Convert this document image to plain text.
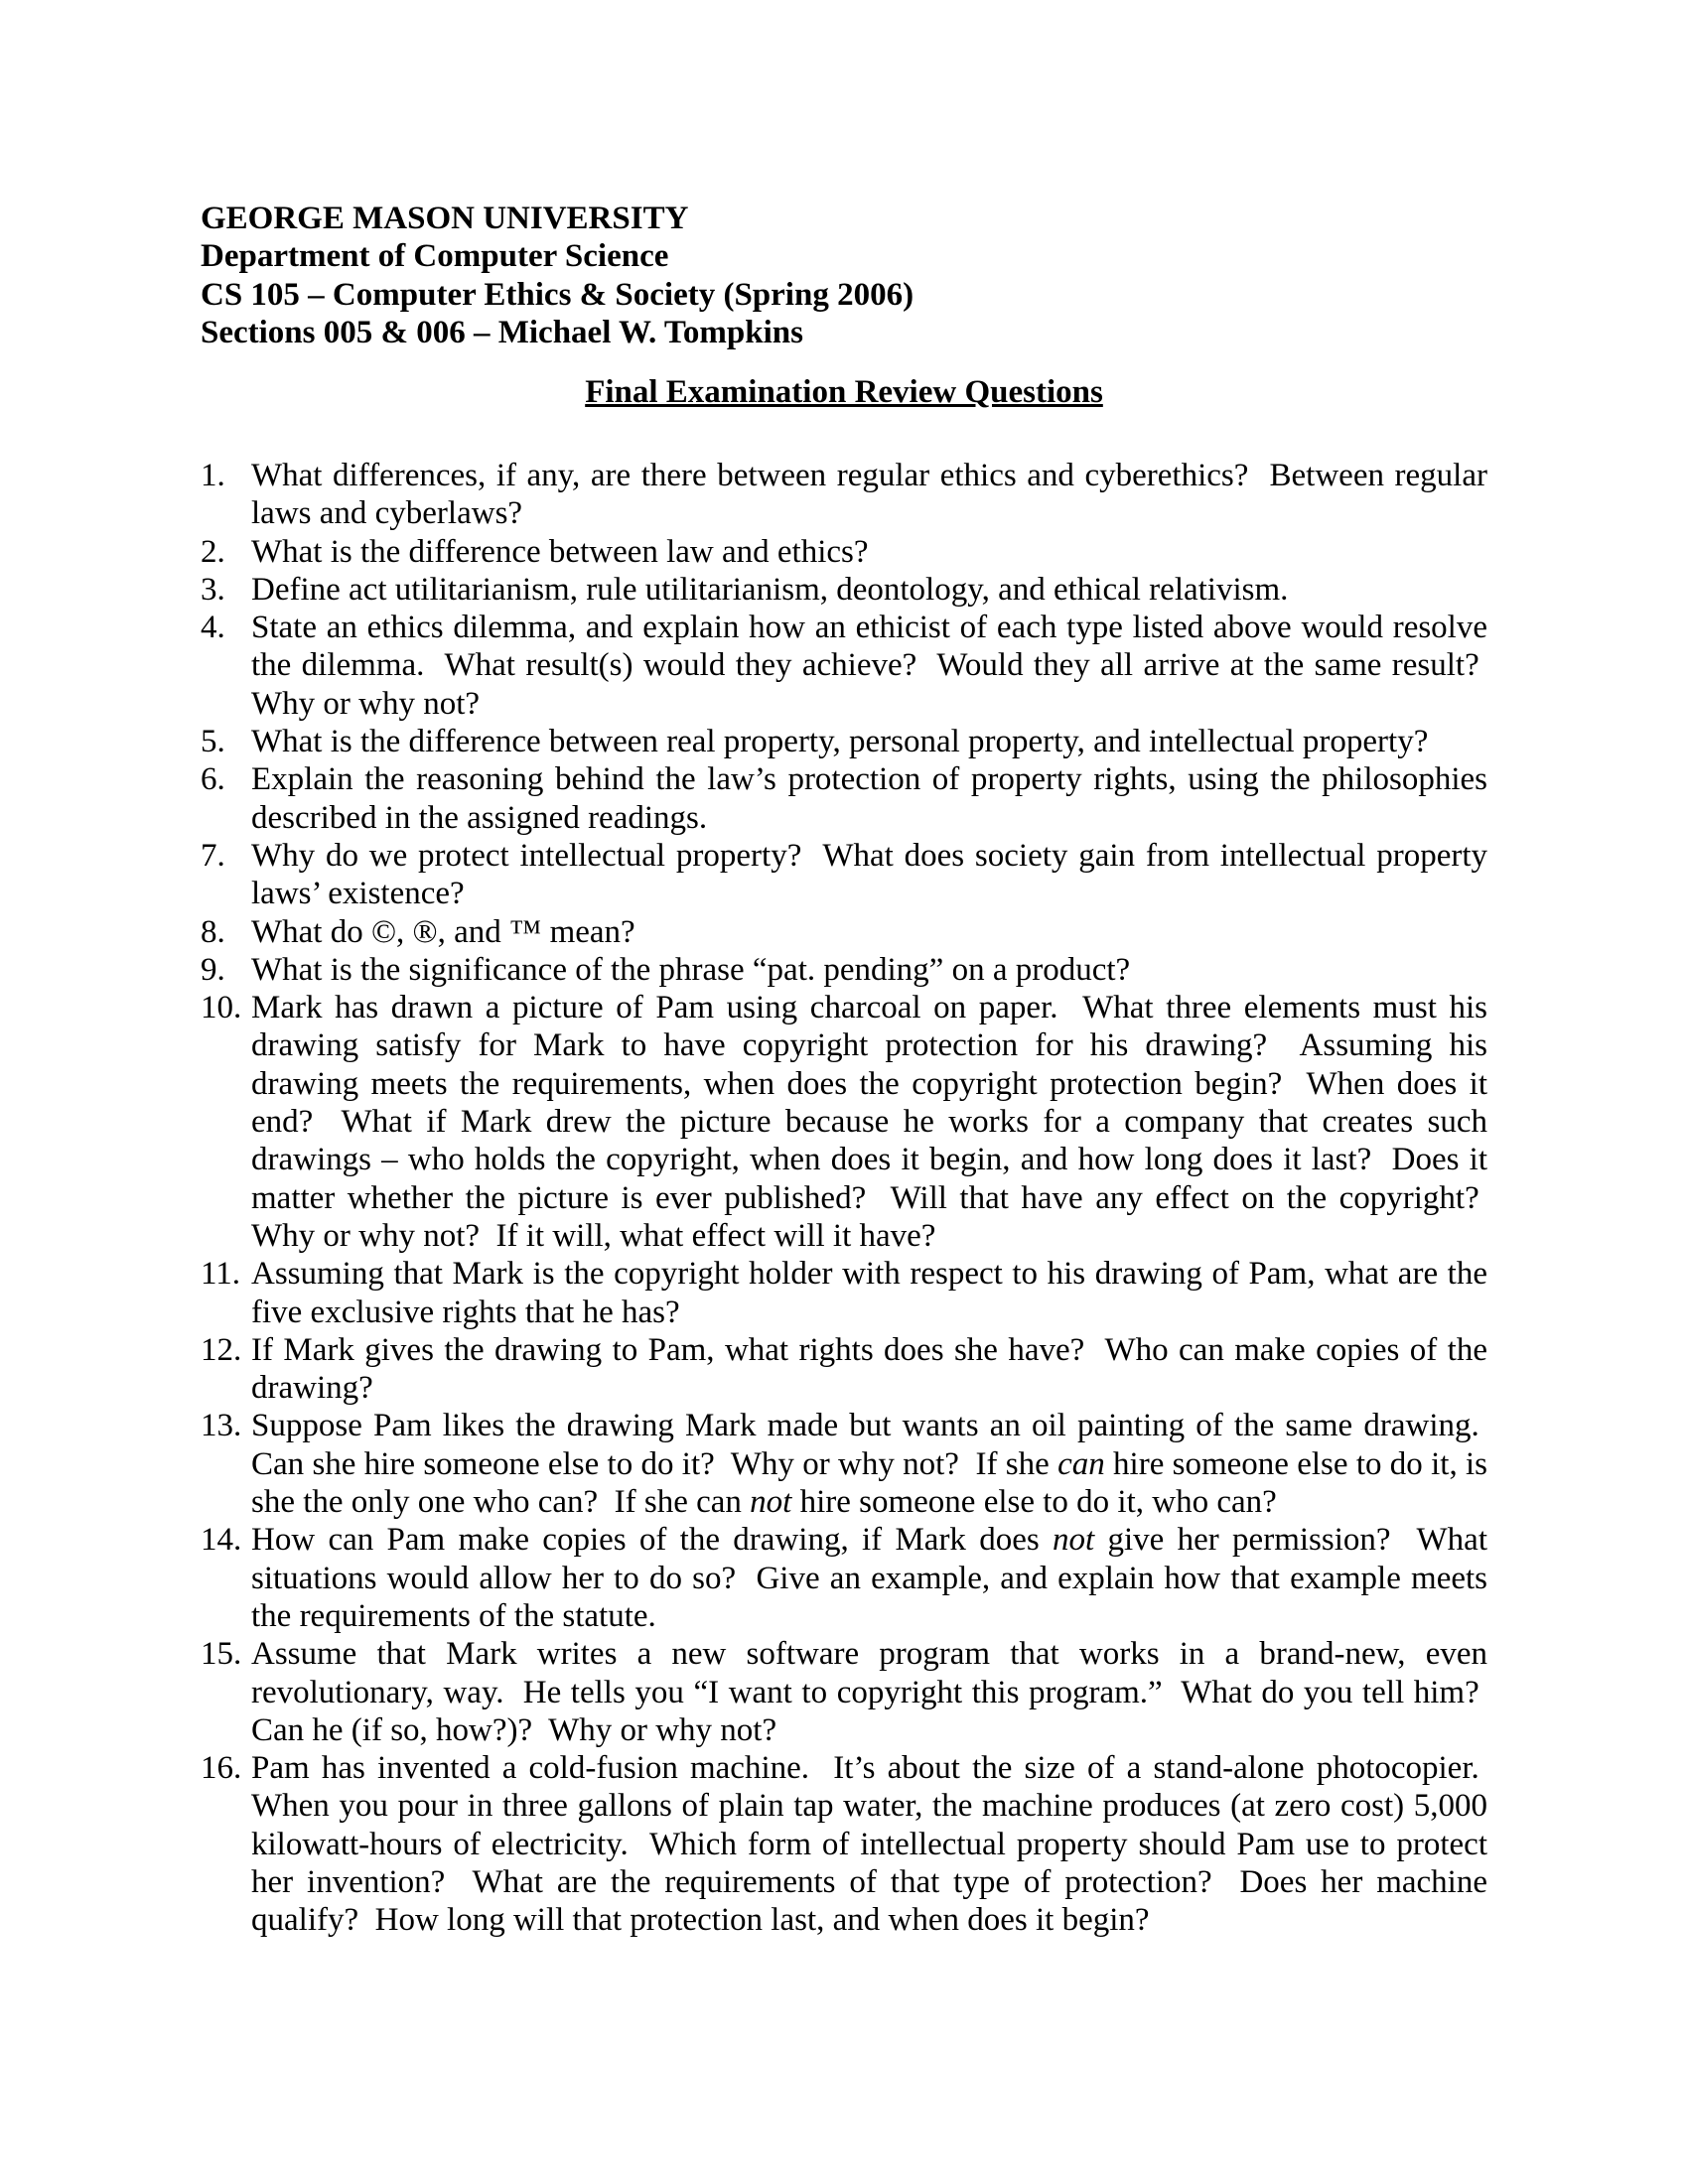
GEORGE MASON UNIVERSITY
Department of Computer Science
CS 105 – Computer Ethics & Society (Spring 2006)
Sections 005 & 006 – Michael W. Tompkins
Final Examination Review Questions
1. What differences, if any, are there between regular ethics and cyberethics?  Between regular laws and cyberlaws?
2. What is the difference between law and ethics?
3. Define act utilitarianism, rule utilitarianism, deontology, and ethical relativism.
4. State an ethics dilemma, and explain how an ethicist of each type listed above would resolve the dilemma.  What result(s) would they achieve?  Would they all arrive at the same result?  Why or why not?
5. What is the difference between real property, personal property, and intellectual property?
6. Explain the reasoning behind the law’s protection of property rights, using the philosophies described in the assigned readings.
7. Why do we protect intellectual property?  What does society gain from intellectual property laws’ existence?
8. What do ©, ®, and ™ mean?
9. What is the significance of the phrase “pat. pending” on a product?
10. Mark has drawn a picture of Pam using charcoal on paper.  What three elements must his drawing satisfy for Mark to have copyright protection for his drawing?  Assuming his drawing meets the requirements, when does the copyright protection begin?  When does it end?  What if Mark drew the picture because he works for a company that creates such drawings – who holds the copyright, when does it begin, and how long does it last?  Does it matter whether the picture is ever published?  Will that have any effect on the copyright?  Why or why not?  If it will, what effect will it have?
11. Assuming that Mark is the copyright holder with respect to his drawing of Pam, what are the five exclusive rights that he has?
12. If Mark gives the drawing to Pam, what rights does she have?  Who can make copies of the drawing?
13. Suppose Pam likes the drawing Mark made but wants an oil painting of the same drawing.  Can she hire someone else to do it?  Why or why not?  If she can hire someone else to do it, is she the only one who can?  If she can not hire someone else to do it, who can?
14. How can Pam make copies of the drawing, if Mark does not give her permission?  What situations would allow her to do so?  Give an example, and explain how that example meets the requirements of the statute.
15. Assume that Mark writes a new software program that works in a brand-new, even revolutionary, way.  He tells you “I want to copyright this program.”  What do you tell him?  Can he (if so, how?)?  Why or why not?
16. Pam has invented a cold-fusion machine.  It’s about the size of a stand-alone photocopier.  When you pour in three gallons of plain tap water, the machine produces (at zero cost) 5,000 kilowatt-hours of electricity.  Which form of intellectual property should Pam use to protect her invention?  What are the requirements of that type of protection?  Does her machine qualify?  How long will that protection last, and when does it begin?
